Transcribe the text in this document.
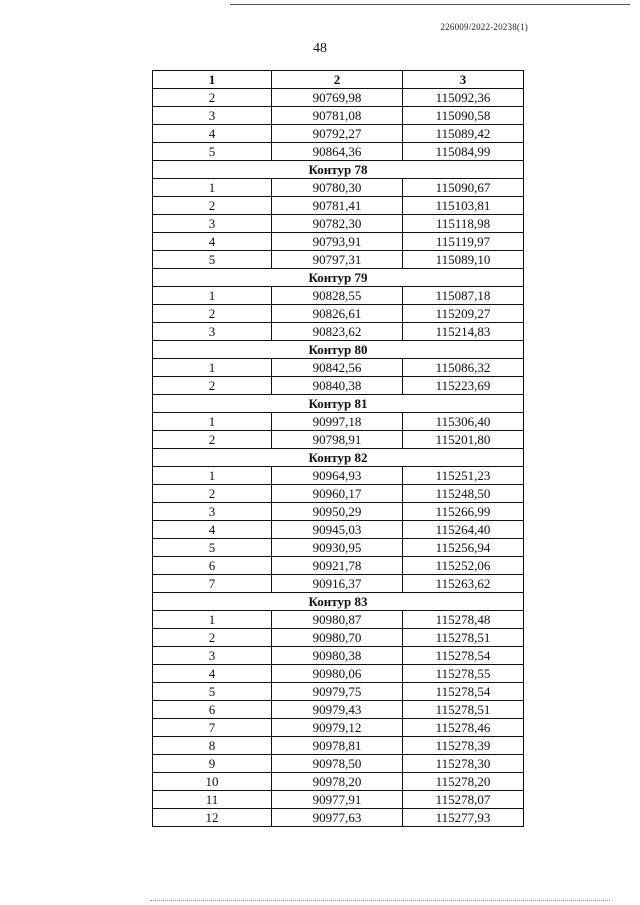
226009/2022-20238(1)
48
1	2	3
2	90769,98	115092,36
3	90781,08	115090,58
4	90792,27	115089,42
5	90864,36	115084,99
Контур 78		
1	90780,30	115090,67
2	90781,41	115103,81
3	90782,30	115118,98
4	90793,91	115119,97
5	90797,31	115089,10
Контур 79		
1	90828,55	115087,18
2	90826,61	115209,27
3	90823,62	115214,83
Контур 80		
1	90842,56	115086,32
2	90840,38	115223,69
Контур 81		
1	90997,18	115306,40
2	90798,91	115201,80
Контур 82		
1	90964,93	115251,23
2	90960,17	115248,50
3	90950,29	115266,99
4	90945,03	115264,40
5	90930,95	115256,94
6	90921,78	115252,06
7	90916,37	115263,62
Контур 83		
1	90980,87	115278,48
2	90980,70	115278,51
3	90980,38	115278,54
4	90980,06	115278,55
5	90979,75	115278,54
6	90979,43	115278,51
7	90979,12	115278,46
8	90978,81	115278,39
9	90978,50	115278,30
10	90978,20	115278,20
11	90977,91	115278,07
12	90977,63	115277,93
